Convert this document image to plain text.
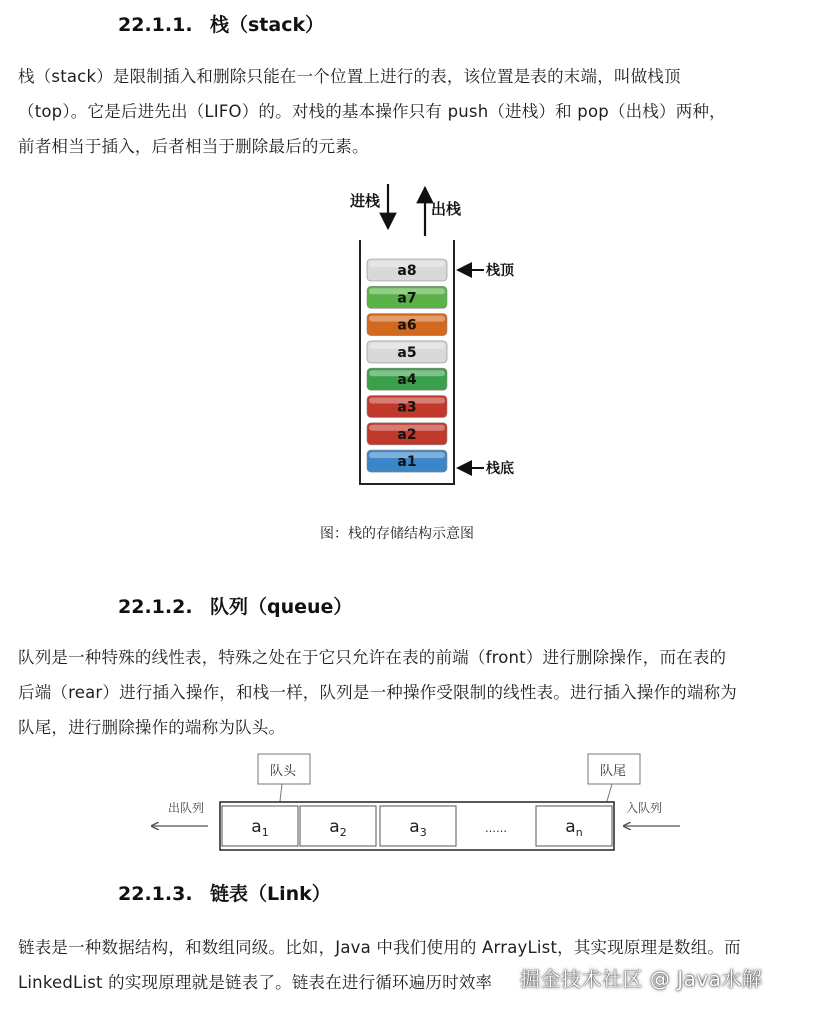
22.1.1. 栈（stack）

栈（stack）是限制插入和删除只能在一个位置上进行的表，该位置是表的末端，叫做栈顶

（top）。它是后进先出（LIFO）的。对栈的基本操作只有 push（进栈）和 pop（出栈）两种，

前者相当于插入，后者相当于删除最后的元素。

进栈	出栈
a8
a7
a6
a5
a4
a3
a2
a1
栈顶
栈底
图：栈的存储结构示意图
22.1.2. 队列（queue）

队列是一种特殊的线性表，特殊之处在于它只允许在表的前端（front）进行删除操作，而在表的

后端（rear）进行插入操作，和栈一样，队列是一种操作受限制的线性表。进行插入操作的端称为

队尾，进行删除操作的端称为队头。

队头	队尾
$a_1$	$a_2$	$a_3$	……	$a_n$
出队列	入队列
22.1.3. 链表（Link）

链表是一种数据结构，和数组同级。比如，Java 中我们使用的 ArrayList，其实现原理是数组。而

LinkedList 的实现原理就是链表了。链表在进行循环遍历时效率	掘金技术社区 @ Java水解
